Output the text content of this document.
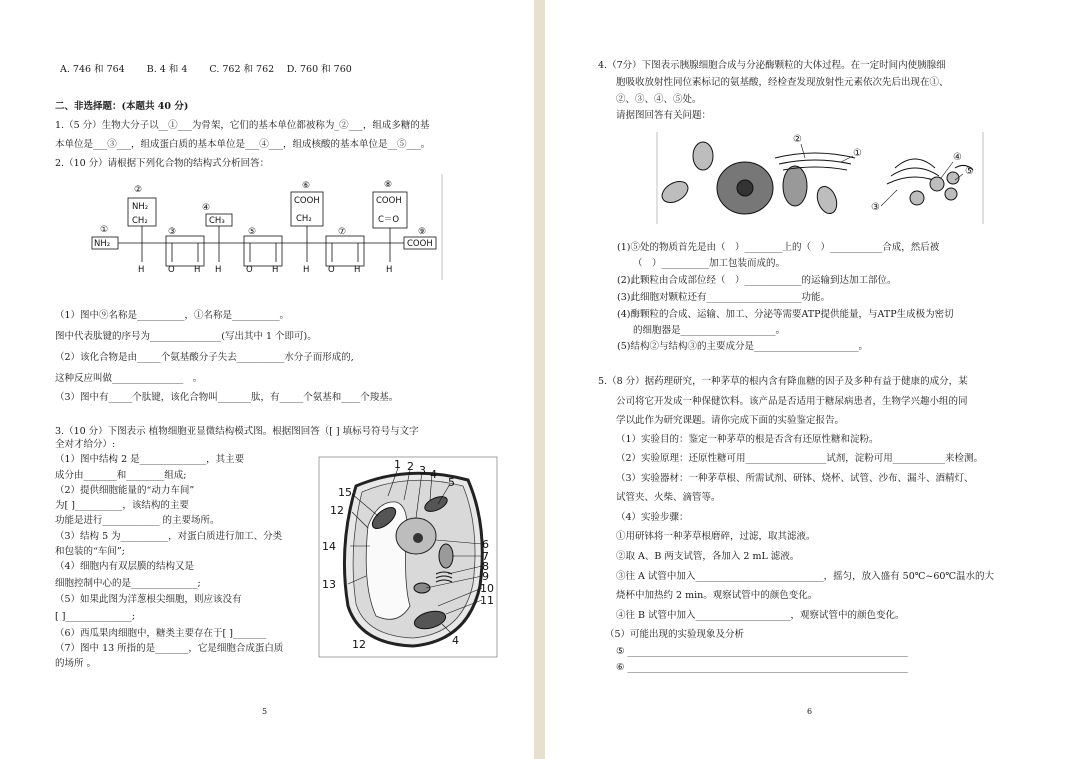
A. 746 和 764　　 B. 4 和 4　　 C. 762 和 762　 D. 760 和 760
二、非选择题：(本题共 40 分)
1.（5 分）生物大分子以__①___为骨架，它们的基本单位都被称为_②___，组成多糖的基
本单位是___③___，组成蛋白质的基本单位是___④___，组成核酸的基本单位是__⑤___。
2.（10 分）请根据下列化合物的结构式分析回答：
②
④
⑥	⑧
①	③	⑤	⑦	⑨
NH₂
CH₂	CH₃
COOH
CH₂
COOH
C＝O
NH₂	COOH
H	O H H	O H	H O H	H
（1）图中⑨名称是__________，①名称是__________。
图中代表肽键的序号为_______________(写出其中 1 个即可)。
（2）该化合物是由_____个氨基酸分子失去__________水分子而形成的,
这种反应叫做_______________　。
（3）图中有_____个肽键，该化合物叫_______肽，有_____个氨基和____个羧基。
3.（10 分）下图表示 植物细胞亚显微结构模式图。根据图回答（[ ] 填标号符号与文字
全对才给分）:
（1）图中结构 2 是______________，其主要
成分由_______和________组成;
（2）提供细胞能量的“动力车间”
为[ ]__________，该结构的主要
功能是进行____________ 的主要场所。
（3）结构 5 为__________，对蛋白质进行加工、分类
和包装的“车间”;
（4）细胞内有双层膜的结构又是
细胞控制中心的是______________;
（5）如果此图为洋葱根尖细胞，则应该没有
[ ]______________;
（6）西瓜果肉细胞中，糖类主要存在于[ ]_______
（7）图中 13 所指的是_______，它是细胞合成蛋白质
的场所 。
1 2 3 4
5
15
12
14	6
7
8
9
10
11
13
12	4
5
4.（7分）下图表示胰腺细胞合成与分泌酶颗粒的大体过程。在一定时间内使胰腺细
胞吸收放射性同位素标记的氨基酸，经检查发现放射性元素依次先后出现在①、
②、③、④、⑤处。
请据图回答有关问题：
②
①	④
⑤
③
(1)⑤处的物质首先是由（　）________上的（　）___________合成，然后被
（　）__________加工包装而成的。
(2)此颗粒由合成部位经（　）____________的运输到达加工部位。
(3)此细胞对颗粒还有____________________功能。
(4)酶颗粒的合成、运输、加工、分泌等需要ATP提供能量，与ATP生成极为密切
的细胞器是____________________。
(5)结构②与结构③的主要成分是______________________。
5.（8 分）据药理研究，一种茅草的根内含有降血糖的因子及多种有益于健康的成分，某
公司将它开发成一种保健饮料。该产品是否适用于糖尿病患者，生物学兴趣小组的同
学以此作为研究课题。请你完成下面的实验鉴定报告。
（1）实验目的：鉴定一种茅草的根是否含有还原性糖和淀粉。
（2）实验原理：还原性糖可用_________________试剂，淀粉可用___________来检测。
（3）实验器材：一种茅草根、所需试剂、研钵、烧杯、试管、沙布、漏斗、酒精灯、
试管夹、火柴、滴管等。
（4）实验步骤：
①用研钵将一种茅草根磨碎，过滤，取其滤液。
②取 A、B 两支试管，各加入 2 mL 滤液。
③往 A 试管中加入___________________________，摇匀，放入盛有 50℃~60℃温水的大
烧杯中加热约 2 min。观察试管中的颜色变化。
④往 B 试管中加入____________________，观察试管中的颜色变化。
（5）可能出现的实验现象及分析
⑤ ___________________________________________________________
⑥ ___________________________________________________________
6
